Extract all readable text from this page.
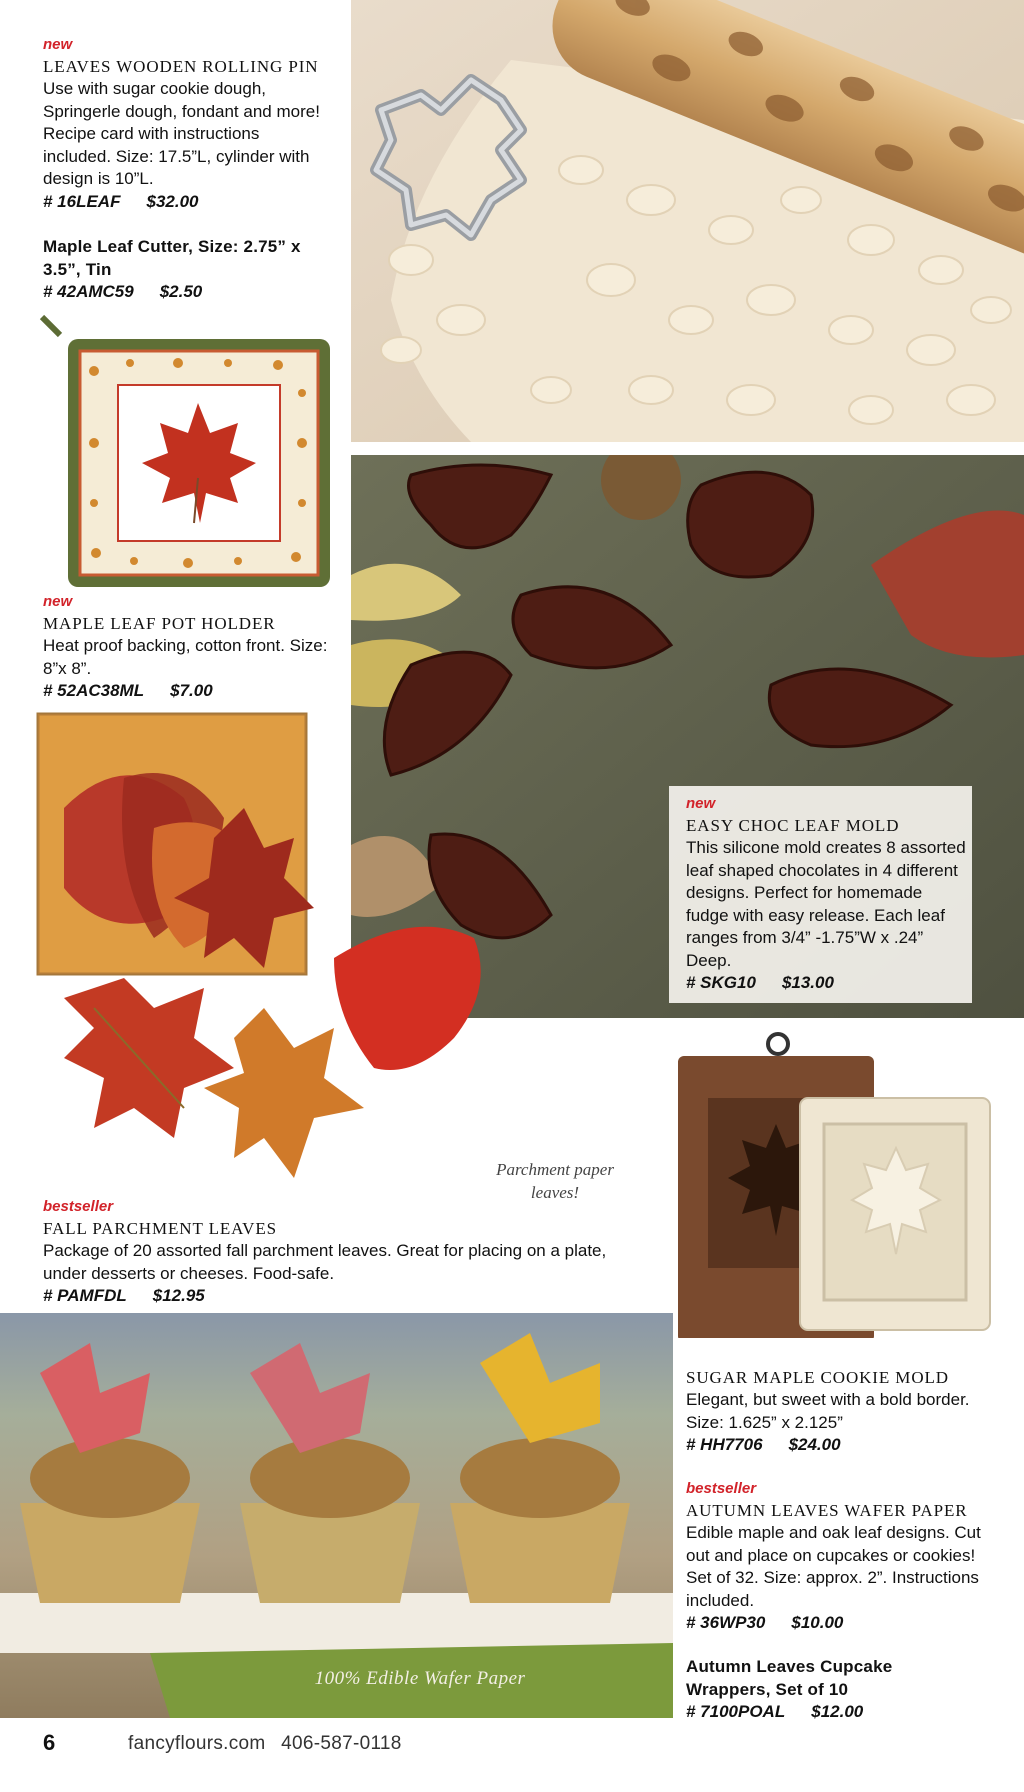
new
LEAVES WOODEN ROLLING PIN
Use with sugar cookie dough, Springerle dough, fondant and more! Recipe card with instructions included. Size: 17.5”L, cylinder with design is 10”L.
# 16LEAF $32.00
Maple Leaf Cutter, Size: 2.75” x 3.5”, Tin
# 42AMC59 $2.50
new
MAPLE LEAF POT HOLDER
Heat proof backing, cotton front. Size: 8”x 8”.
# 52AC38ML $7.00
new
EASY CHOC LEAF MOLD
This silicone mold creates 8 assorted leaf shaped chocolates in 4 different designs. Perfect for homemade fudge with easy release. Each leaf ranges from 3/4” -1.75”W x .24” Deep.
# SKG10 $13.00
Parchment paper leaves!
bestseller
FALL PARCHMENT LEAVES
Package of 20 assorted fall parchment leaves. Great for placing on a plate, under desserts or cheeses. Food-safe.
# PAMFDL $12.95
SUGAR MAPLE COOKIE MOLD
Elegant, but sweet with a bold border. Size: 1.625” x 2.125”
# HH7706 $24.00
bestseller
AUTUMN LEAVES WAFER PAPER
Edible maple and oak leaf designs. Cut out and place on cupcakes or cookies! Set of 32. Size: approx. 2”. Instructions included.
# 36WP30 $10.00
Autumn Leaves Cupcake Wrappers, Set of 10
# 7100POAL $12.00
100% Edible Wafer Paper
6	fancyflours.com 406-587-0118
